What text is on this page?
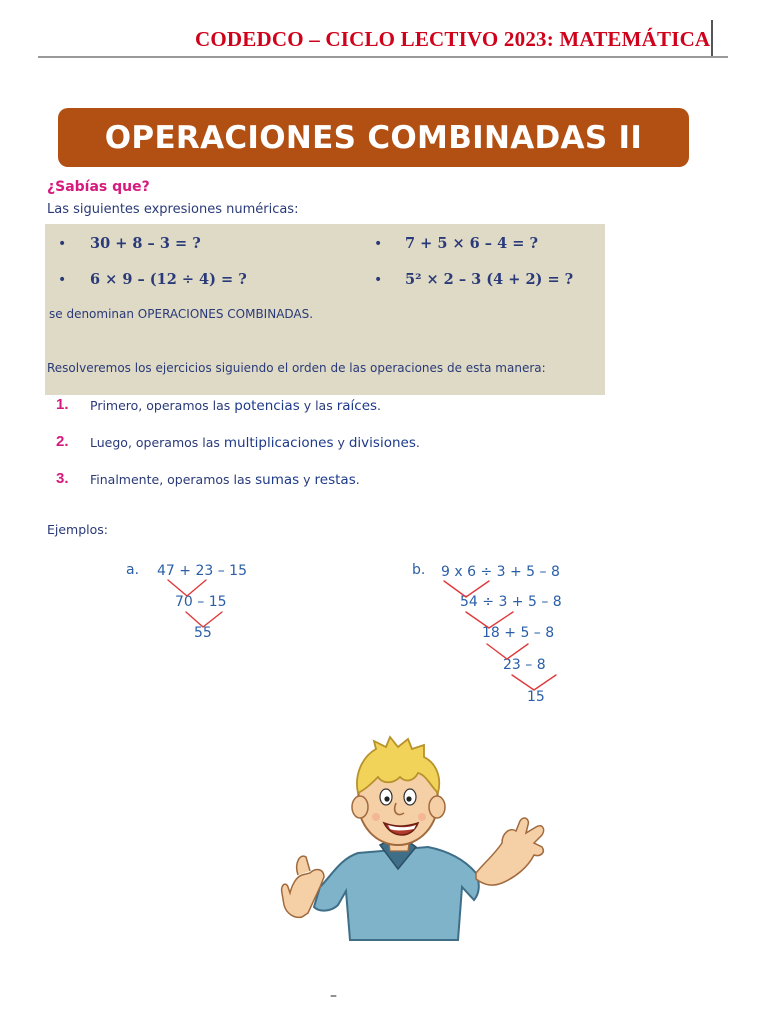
CODEDCO – CICLO LECTIVO 2023: MATEMÁTICA
OPERACIONES COMBINADAS II
¿Sabías que?
Las siguientes expresiones numéricas:
• 30 + 8 – 3 = ?	• 7 + 5 × 6 – 4 = ?
• 6 × 9 – (12 ÷ 4) = ?	• 5² × 2 – 3 (4 + 2) = ?
se denominan OPERACIONES COMBINADAS.
Resolveremos los ejercicios siguiendo el orden de las operaciones de esta manera:
1. Primero, operamos las potencias y las raíces.
2. Luego, operamos las multiplicaciones y divisiones.
3. Finalmente, operamos las sumas y restas.
Ejemplos:
a. 47 + 23 – 15
70 – 15
55
b. 9 x 6 ÷ 3 + 5 – 8
54 ÷ 3 + 5 – 8
18 + 5 – 8
23 – 8
15
–
